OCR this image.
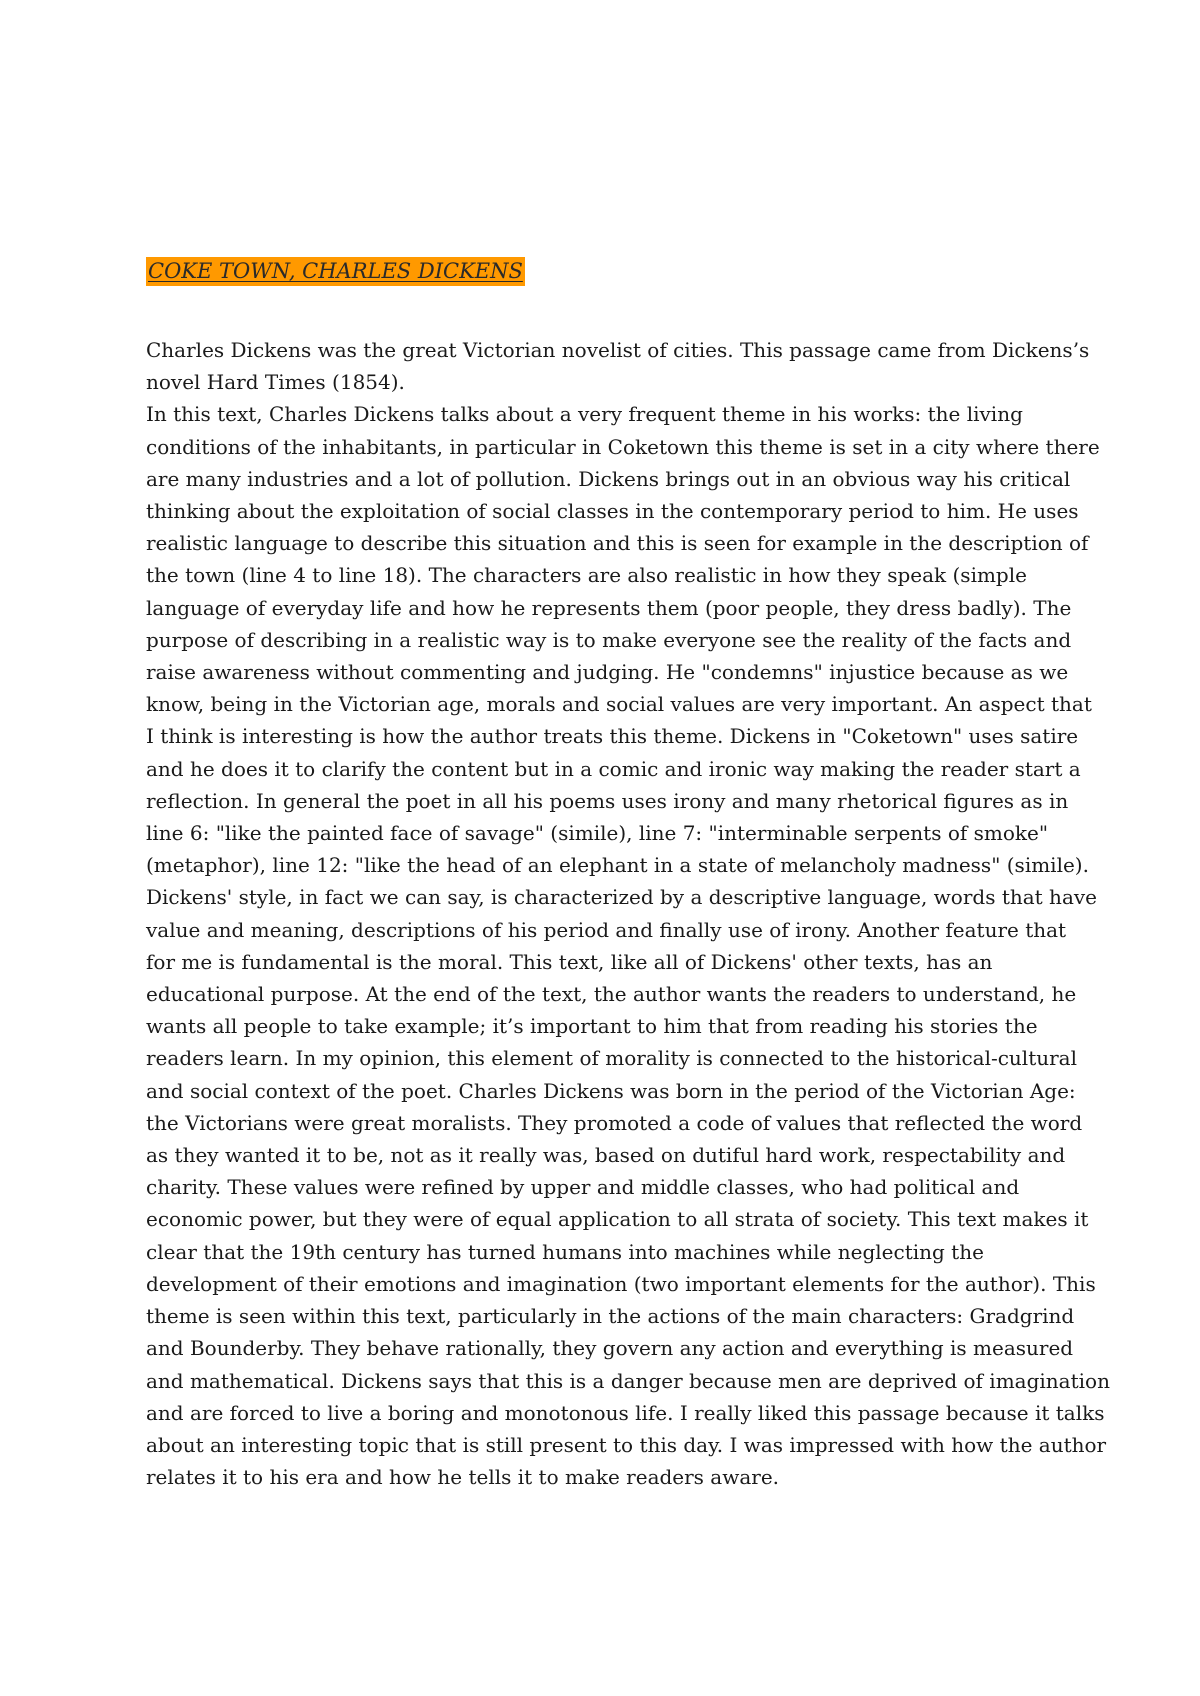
COKE TOWN, CHARLES DICKENS
Charles Dickens was the great Victorian novelist of cities. This passage came from Dickens’s
novel Hard Times (1854).
In this text, Charles Dickens talks about a very frequent theme in his works: the living
conditions of the inhabitants, in particular in Coketown this theme is set in a city where there
are many industries and a lot of pollution. Dickens brings out in an obvious way his critical
thinking about the exploitation of social classes in the contemporary period to him. He uses
realistic language to describe this situation and this is seen for example in the description of
the town (line 4 to line 18). The characters are also realistic in how they speak (simple
language of everyday life and how he represents them (poor people, they dress badly). The
purpose of describing in a realistic way is to make everyone see the reality of the facts and
raise awareness without commenting and judging. He "condemns" injustice because as we
know, being in the Victorian age, morals and social values are very important. An aspect that
I think is interesting is how the author treats this theme. Dickens in "Coketown" uses satire
and he does it to clarify the content but in a comic and ironic way making the reader start a
reflection. In general the poet in all his poems uses irony and many rhetorical figures as in
line 6: "like the painted face of savage" (simile), line 7: "interminable serpents of smoke"
(metaphor), line 12: "like the head of an elephant in a state of melancholy madness" (simile).
Dickens' style, in fact we can say, is characterized by a descriptive language, words that have
value and meaning, descriptions of his period and finally use of irony. Another feature that
for me is fundamental is the moral. This text, like all of Dickens' other texts, has an
educational purpose. At the end of the text, the author wants the readers to understand, he
wants all people to take example; it’s important to him that from reading his stories the
readers learn. In my opinion, this element of morality is connected to the historical-cultural
and social context of the poet. Charles Dickens was born in the period of the Victorian Age:
the Victorians were great moralists. They promoted a code of values that reflected the word
as they wanted it to be, not as it really was, based on dutiful hard work, respectability and
charity. These values were refined by upper and middle classes, who had political and
economic power, but they were of equal application to all strata of society. This text makes it
clear that the 19th century has turned humans into machines while neglecting the
development of their emotions and imagination (two important elements for the author). This
theme is seen within this text, particularly in the actions of the main characters: Gradgrind
and Bounderby. They behave rationally, they govern any action and everything is measured
and mathematical. Dickens says that this is a danger because men are deprived of imagination
and are forced to live a boring and monotonous life. I really liked this passage because it talks
about an interesting topic that is still present to this day. I was impressed with how the author
relates it to his era and how he tells it to make readers aware.
